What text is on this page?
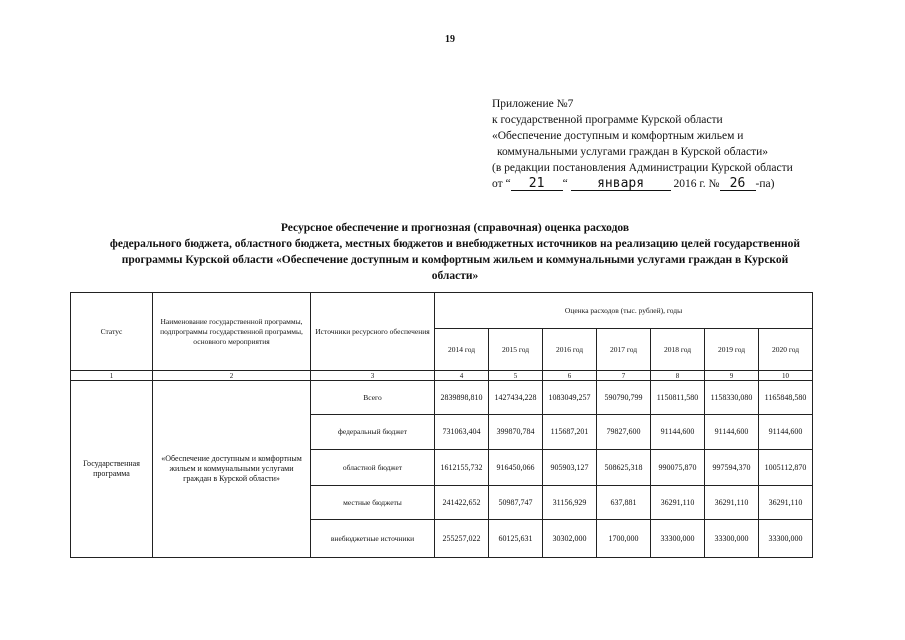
19
Приложение №7
к государственной программе Курской области
«Обеспечение доступным и комфортным жильем и
коммунальными услугами граждан в Курской области»
(в редакции постановления Администрации Курской области
от “ 21 “ января	2016 г. № 26 -па)
Ресурсное обеспечение и прогнозная (справочная) оценка расходов
федерального бюджета, областного бюджета, местных бюджетов и внебюджетных источников на реализацию целей государственной
программы Курской области «Обеспечение доступным и комфортным жильем и коммунальными услугами граждан в Курской
области»
Статус	Наименование государственной программы, подпрограммы государственной программы, основного мероприятия	Источники ресурсного обеспечения	Оценка расходов (тыс. рублей), годы						
			2014 год	2015 год	2016 год	2017 год	2018 год	2019 год	2020 год
1	2	3	4	5	6	7	8	9	10
Государственная программа	«Обеспечение доступным и комфортным жильем и коммунальными услугами граждан в Курской области»	Всего	2839898,810	1427434,228	1083049,257	590790,799	1150811,580	1158330,080	1165848,580
		федеральный бюджет	731063,404	399870,784	115687,201	79827,600	91144,600	91144,600	91144,600
		областной бюджет	1612155,732	916450,066	905903,127	508625,318	990075,870	997594,370	1005112,870
		местные бюджеты	241422,652	50987,747	31156,929	637,881	36291,110	36291,110	36291,110
		внебюджетные источники	255257,022	60125,631	30302,000	1700,000	33300,000	33300,000	33300,000
